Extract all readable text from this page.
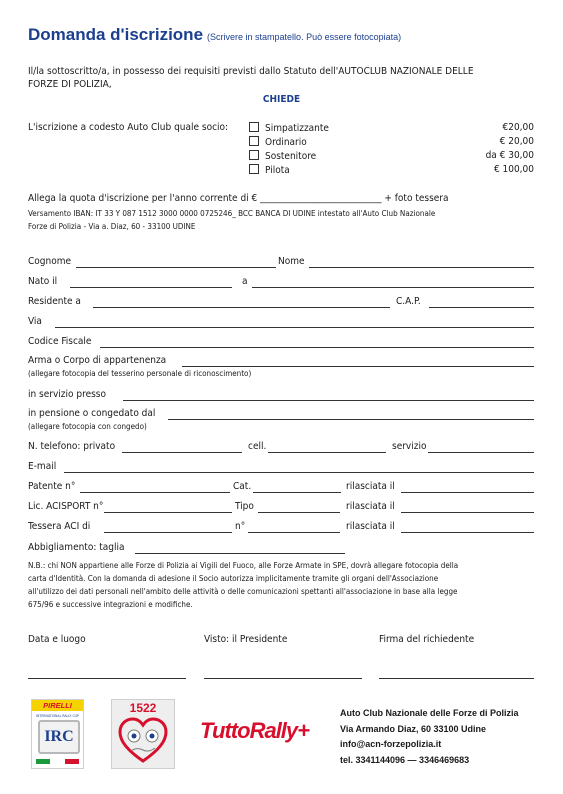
Domanda d'iscrizione (Scrivere in stampatello. Può essere fotocopiata)
Il/la sottoscritto/a, in possesso dei requisiti previsti dallo Statuto dell'AUTOCLUB NAZIONALE DELLE
FORZE DI POLIZIA,
CHIEDE
L'iscrizione a codesto Auto Club quale socio:	Simpatizzante	€20,00
Ordinario	€ 20,00
Sostenitore	da € 30,00
Pilota	€ 100,00
Allega la quota d'iscrizione per l'anno corrente di € ___________________________ + foto tessera
Versamento IBAN: IT 33 Y 087 1512 3000 0000 0725246_ BCC BANCA DI UDINE intestato all'Auto Club Nazionale
Forze di Polizia - Via a. Diaz, 60 - 33100 UDINE
Cognome	Nome
Nato il	a
Residente a	C.A.P.
Via
Codice Fiscale
Arma o Corpo di appartenenza
(allegare fotocopia del tesserino personale di riconoscimento)
in servizio presso
in pensione o congedato dal
(allegare fotocopia con congedo)
N. telefono: privato	cell.	servizio
E-mail
Patente n°	Cat.	rilasciata il
Lic. ACISPORT n°	Tipo	rilasciata il
Tessera ACI di	n°	rilasciata il
Abbigliamento: taglia
N.B.: chi NON appartiene alle Forze di Polizia ai Vigili del Fuoco, alle Forze Armate in SPE, dovrà allegare fotocopia della
carta d'Identità. Con la domanda di adesione il Socio autorizza implicitamente tramite gli organi dell'Associazione
all'utilizzo dei dati personali nell'ambito delle attività o delle comunicazioni spettanti all'associazione in base alla legge
675/96 e successive integrazioni e modifiche.
Data e luogo	Visto: il Presidente	Firma del richiedente
PIRELLI
INTERNATIONAL RALLY CUP
IRC
1522
TuttoRally+
Auto Club Nazionale delle Forze di Polizia
Via Armando Diaz, 60 33100 Udine
info@acn-forzepolizia.it
tel. 3341144096 — 3346469683
